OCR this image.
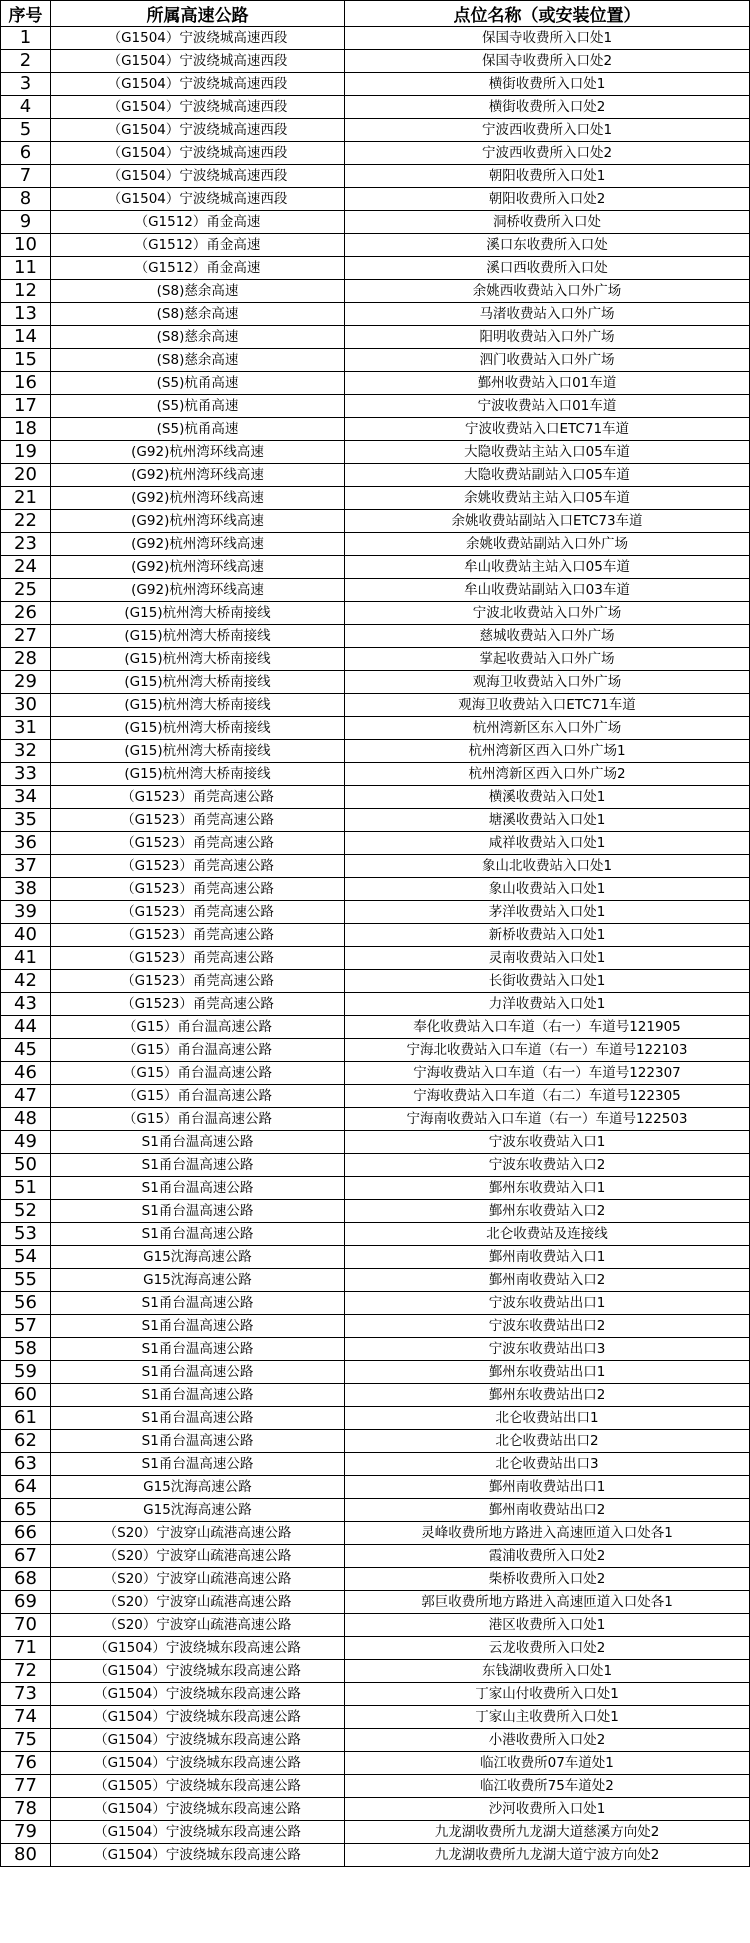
序号	所属高速公路	点位名称（或安装位置）
1	（G1504）宁波绕城高速西段	保国寺收费所入口处1
2	（G1504）宁波绕城高速西段	保国寺收费所入口处2
3	（G1504）宁波绕城高速西段	横街收费所入口处1
4	（G1504）宁波绕城高速西段	横街收费所入口处2
5	（G1504）宁波绕城高速西段	宁波西收费所入口处1
6	（G1504）宁波绕城高速西段	宁波西收费所入口处2
7	（G1504）宁波绕城高速西段	朝阳收费所入口处1
8	（G1504）宁波绕城高速西段	朝阳收费所入口处2
9	（G1512）甬金高速	洞桥收费所入口处
10	（G1512）甬金高速	溪口东收费所入口处
11	（G1512）甬金高速	溪口西收费所入口处
12	(S8)慈余高速	余姚西收费站入口外广场
13	(S8)慈余高速	马渚收费站入口外广场
14	(S8)慈余高速	阳明收费站入口外广场
15	(S8)慈余高速	泗门收费站入口外广场
16	(S5)杭甬高速	鄞州收费站入口01车道
17	(S5)杭甬高速	宁波收费站入口01车道
18	(S5)杭甬高速	宁波收费站入口ETC71车道
19	(G92)杭州湾环线高速	大隐收费站主站入口05车道
20	(G92)杭州湾环线高速	大隐收费站副站入口05车道
21	(G92)杭州湾环线高速	余姚收费站主站入口05车道
22	(G92)杭州湾环线高速	余姚收费站副站入口ETC73车道
23	(G92)杭州湾环线高速	余姚收费站副站入口外广场
24	(G92)杭州湾环线高速	牟山收费站主站入口05车道
25	(G92)杭州湾环线高速	牟山收费站副站入口03车道
26	(G15)杭州湾大桥南接线	宁波北收费站入口外广场
27	(G15)杭州湾大桥南接线	慈城收费站入口外广场
28	(G15)杭州湾大桥南接线	掌起收费站入口外广场
29	(G15)杭州湾大桥南接线	观海卫收费站入口外广场
30	(G15)杭州湾大桥南接线	观海卫收费站入口ETC71车道
31	(G15)杭州湾大桥南接线	杭州湾新区东入口外广场
32	(G15)杭州湾大桥南接线	杭州湾新区西入口外广场1
33	(G15)杭州湾大桥南接线	杭州湾新区西入口外广场2
34	（G1523）甬莞高速公路	横溪收费站入口处1
35	（G1523）甬莞高速公路	塘溪收费站入口处1
36	（G1523）甬莞高速公路	咸祥收费站入口处1
37	（G1523）甬莞高速公路	象山北收费站入口处1
38	（G1523）甬莞高速公路	象山收费站入口处1
39	（G1523）甬莞高速公路	茅洋收费站入口处1
40	（G1523）甬莞高速公路	新桥收费站入口处1
41	（G1523）甬莞高速公路	灵南收费站入口处1
42	（G1523）甬莞高速公路	长街收费站入口处1
43	（G1523）甬莞高速公路	力洋收费站入口处1
44	（G15）甬台温高速公路	奉化收费站入口车道（右一）车道号121905
45	（G15）甬台温高速公路	宁海北收费站入口车道（右一）车道号122103
46	（G15）甬台温高速公路	宁海收费站入口车道（右一）车道号122307
47	（G15）甬台温高速公路	宁海收费站入口车道（右二）车道号122305
48	（G15）甬台温高速公路	宁海南收费站入口车道（右一）车道号122503
49	S1甬台温高速公路	宁波东收费站入口1
50	S1甬台温高速公路	宁波东收费站入口2
51	S1甬台温高速公路	鄞州东收费站入口1
52	S1甬台温高速公路	鄞州东收费站入口2
53	S1甬台温高速公路	北仑收费站及连接线
54	G15沈海高速公路	鄞州南收费站入口1
55	G15沈海高速公路	鄞州南收费站入口2
56	S1甬台温高速公路	宁波东收费站出口1
57	S1甬台温高速公路	宁波东收费站出口2
58	S1甬台温高速公路	宁波东收费站出口3
59	S1甬台温高速公路	鄞州东收费站出口1
60	S1甬台温高速公路	鄞州东收费站出口2
61	S1甬台温高速公路	北仑收费站出口1
62	S1甬台温高速公路	北仑收费站出口2
63	S1甬台温高速公路	北仑收费站出口3
64	G15沈海高速公路	鄞州南收费站出口1
65	G15沈海高速公路	鄞州南收费站出口2
66	（S20）宁波穿山疏港高速公路	灵峰收费所地方路进入高速匝道入口处各1
67	（S20）宁波穿山疏港高速公路	霞浦收费所入口处2
68	（S20）宁波穿山疏港高速公路	柴桥收费所入口处2
69	（S20）宁波穿山疏港高速公路	郭巨收费所地方路进入高速匝道入口处各1
70	（S20）宁波穿山疏港高速公路	港区收费所入口处1
71	（G1504）宁波绕城东段高速公路	云龙收费所入口处2
72	（G1504）宁波绕城东段高速公路	东钱湖收费所入口处1
73	（G1504）宁波绕城东段高速公路	丁家山付收费所入口处1
74	（G1504）宁波绕城东段高速公路	丁家山主收费所入口处1
75	（G1504）宁波绕城东段高速公路	小港收费所入口处2
76	（G1504）宁波绕城东段高速公路	临江收费所07车道处1
77	（G1505）宁波绕城东段高速公路	临江收费所75车道处2
78	（G1504）宁波绕城东段高速公路	沙河收费所入口处1
79	（G1504）宁波绕城东段高速公路	九龙湖收费所九龙湖大道慈溪方向处2
80	（G1504）宁波绕城东段高速公路	九龙湖收费所九龙湖大道宁波方向处2
